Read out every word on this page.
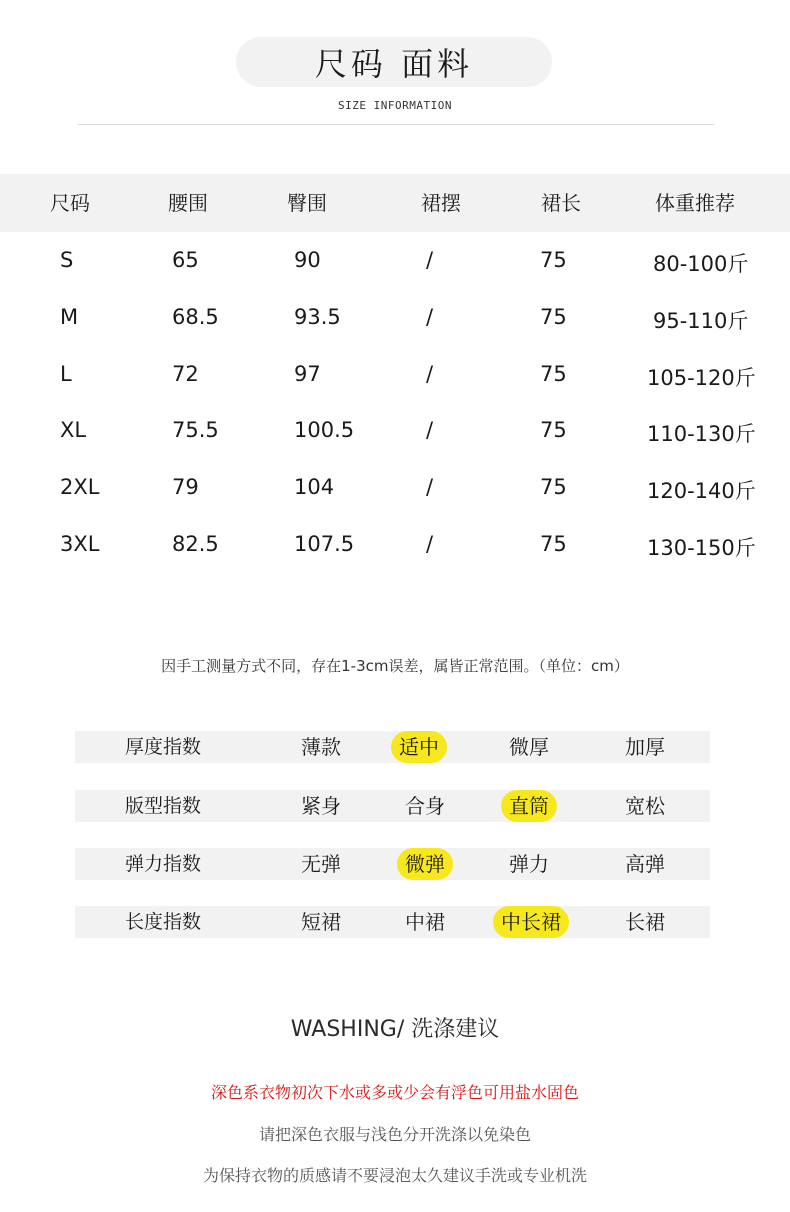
尺码 面料
SIZE INFORMATION
尺码	腰围	臀围	裙摆	裙长	体重推荐
S	65	90	/	75	80-100斤
M	68.5	93.5	/	75	95-110斤
L	72	97	/	75	105-120斤
XL	75.5	100.5	/	75	110-130斤
2XL	79	104	/	75	120-140斤
3XL	82.5	107.5	/	75	130-150斤
因手工测量方式不同，存在1-3cm误差，属皆正常范围。（单位：cm）
厚度指数	薄款	适中	微厚	加厚
版型指数	紧身	合身	直筒	宽松
弹力指数	无弹	微弹	弹力	高弹
长度指数	短裙	中裙	中长裙	长裙
WASHING/ 洗涤建议
深色系衣物初次下水或多或少会有浮色可用盐水固色
请把深色衣服与浅色分开洗涤以免染色
为保持衣物的质感请不要浸泡太久建议手洗或专业机洗
